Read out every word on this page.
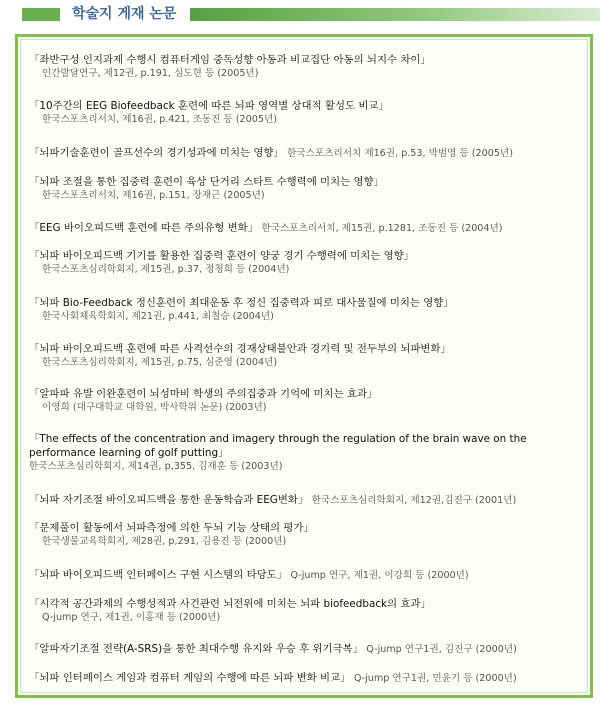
학술지 게재 논문
「좌반구성 인지과제 수행시 컴퓨터게임 중독성향 아동과 비교집단 아동의 뇌지수 차이」
인간발달연구, 제12권, p.191, 심도현 등 (2005년)
「10주간의 EEG Biofeedback 훈련에 따른 뇌파 영역별 상대적 활성도 비교」
한국스포츠리서치, 제16권, p.421, 조동진 등 (2005년)
「뇌파기술훈련이 골프선수의 경기성과에 미치는 영향」 한국스포츠리서치 제16권, p.53, 박범영 등 (2005년)
「뇌파 조절을 통한 집중력 훈련이 육상 단거리 스타트 수행력에 미치는 영향」
한국스포츠리서치, 제16권, p.151, 장재근 (2005년)
「EEG 바이오피드백 훈련에 따른 주의유형 변화」 한국스포츠리서치, 제15권, p.1281, 조동진 등 (2004년)
「뇌파 바이오피드백 기기를 활용한 집중력 훈련이 양궁 경기 수행력에 미치는 영향」
한국스포츠심리학회지, 제15권, p.37, 정청희 등 (2004년)
「뇌파 Bio-Feedback 정신훈련이 최대운동 후 정신 집중력과 피로 대사물질에 미치는 영향」
한국사회체육학회지, 제21권, p.441, 최철승 (2004년)
「뇌파 바이오피드백 훈련에 따른 사격선수의 경재상태불안과 경기력 및 전두부의 뇌파변화」
한국스포츠심리학회지, 제15권, p.75, 심준영 (2004년)
「알파파 유발 이완훈련이 뇌성마비 학생의 주의집중과 기억에 미치는 효과」
이영희 (대구대학교 대학원, 박사학위 논문) (2003년)
「The effects of the concentration and imagery through the regulation of the brain wave on the performance learning of golf putting」
한국스포츠심리학회지, 제14권, p,355, 김재훈 등 (2003년)
「뇌파 자기조절 바이오피드백을 통한 운동학습과 EEG변화」 한국스포츠심리학회지, 제12권,김진구 (2001년)
「문제풀이 활동에서 뇌파측정에 의한 두뇌 기능 상태의 평가」
한국생물교육학회지, 제28권, p,291, 김용진 등 (2000년)
「뇌파 바이오피드백 인터페이스 구현 시스템의 타당도」 Q-jump 연구, 제1권, 이강희 등 (2000년)
「시각적 공간과제의 수행성적과 사건관련 뇌전위에 미치는 뇌파 biofeedback의 효과」
Q-jump 연구, 제1권, 이홍재 등 (2000년)
「알파자기조절 전략(A-SRS)을 통한 최대수행 유지와 우승 후 위기극복」 Q-jump 연구1권, 김진구 (2000년)
「뇌파 인터페이스 게임과 컴퓨터 게임의 수행에 따른 뇌파 변화 비교」 Q-jump 연구1권, 민윤기 등 (2000년)
